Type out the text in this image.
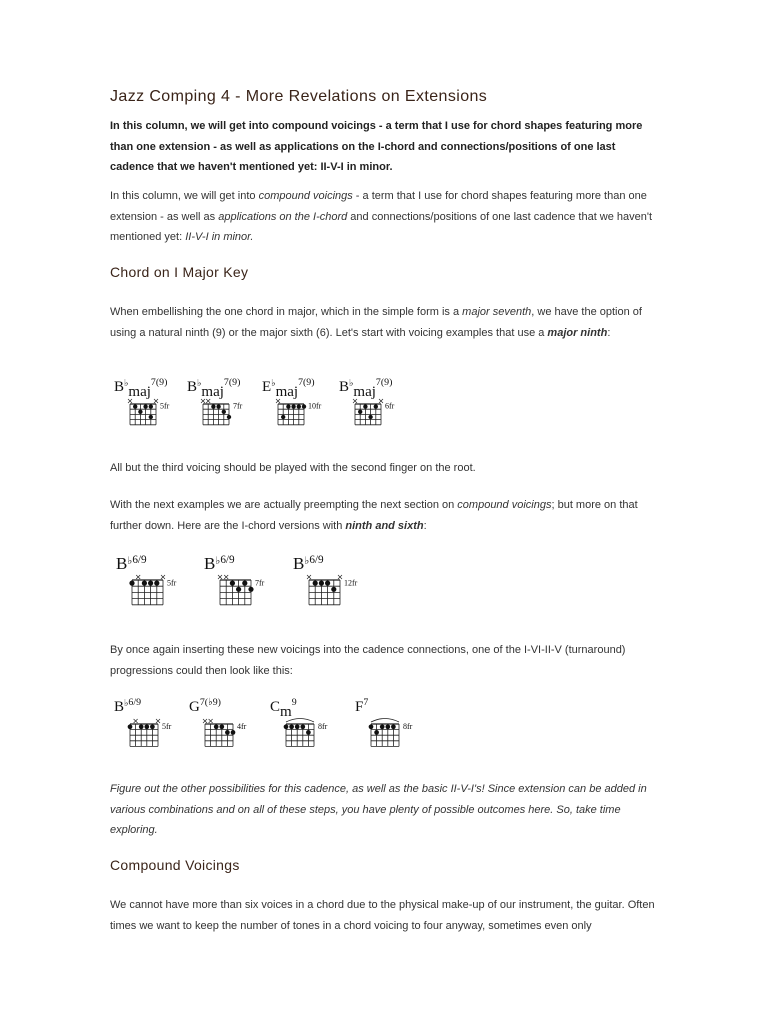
Jazz Comping 4 - More Revelations on Extensions

In this column, we will get into compound voicings - a term that I use for chord shapes featuring more than one extension - as well as applications on the I-chord and connections/positions of one last cadence that we haven't mentioned yet: II-V-I in minor.

In this column, we will get into compound voicings - a term that I use for chord shapes featuring more than one extension - as well as applications on the I-chord and connections/positions of one last cadence that we haven't mentioned yet: II-V-I in minor.

Chord on I Major Key

When embellishing the one chord in major, which in the simple form is a major seventh, we have the option of using a natural ninth (9) or the major sixth (6). Let's start with voicing examples that use a major ninth:

B♭maj$^{7(9)}$
5fr
B♭maj$^{7(9)}$
7fr
E♭maj$^{7(9)}$
10fr
B♭maj$^{7(9)}$
6fr

All but the third voicing should be played with the second finger on the root.

With the next examples we are actually preempting the next section on compound voicings; but more on that further down. Here are the I-chord versions with ninth and sixth:

B♭6/9
5fr
B♭6/9
7fr
B♭6/9
12fr

By once again inserting these new voicings into the cadence connections, one of the I-VI-II-V (turnaround) progressions could then look like this:

B♭6/9
5fr
$G^{7(♭9)}$
4fr
Cm$^9$
8fr
$F^7$
8fr

Figure out the other possibilities for this cadence, as well as the basic II-V-I's! Since extension can be added in various combinations and on all of these steps, you have plenty of possible outcomes here. So, take time exploring.

Compound Voicings

We cannot have more than six voices in a chord due to the physical make-up of our instrument, the guitar. Often times we want to keep the number of tones in a chord voicing to four anyway, sometimes even only
